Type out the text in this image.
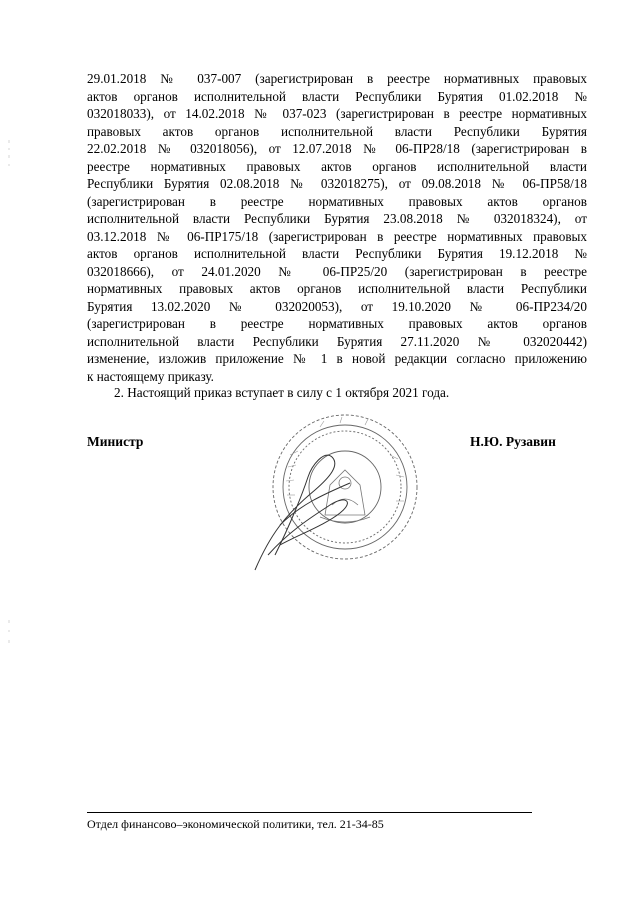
29.01.2018 № 037-007 (зарегистрирован в реестре нормативных правовых

актов органов исполнительной власти Республики Бурятия 01.02.2018 №

032018033), от 14.02.2018 № 037-023 (зарегистрирован в реестре нормативных

правовых актов органов исполнительной власти Республики Бурятия

22.02.2018 № 032018056), от 12.07.2018 № 06-ПР28/18 (зарегистрирован в

реестре нормативных правовых актов органов исполнительной власти

Республики Бурятия 02.08.2018 № 032018275), от 09.08.2018 № 06-ПР58/18

(зарегистрирован в реестре нормативных правовых актов органов

исполнительной власти Республики Бурятия 23.08.2018 № 032018324), от

03.12.2018 № 06-ПР175/18 (зарегистрирован в реестре нормативных правовых

актов органов исполнительной власти Республики Бурятия 19.12.2018 №

032018666), от 24.01.2020 № 06-ПР25/20 (зарегистрирован в реестре

нормативных правовых актов органов исполнительной власти Республики

Бурятия 13.02.2020 № 032020053), от 19.10.2020 № 06-ПР234/20

(зарегистрирован в реестре нормативных правовых актов органов

исполнительной власти Республики Бурятия 27.11.2020 № 032020442)

изменение, изложив приложение № 1 в новой редакции согласно приложению

к настоящему приказу.

2. Настоящий приказ вступает в силу с 1 октября 2021 года.
Министр	Н.Ю. Рузавин
Отдел финансово–экономической политики, тел. 21-34-85
